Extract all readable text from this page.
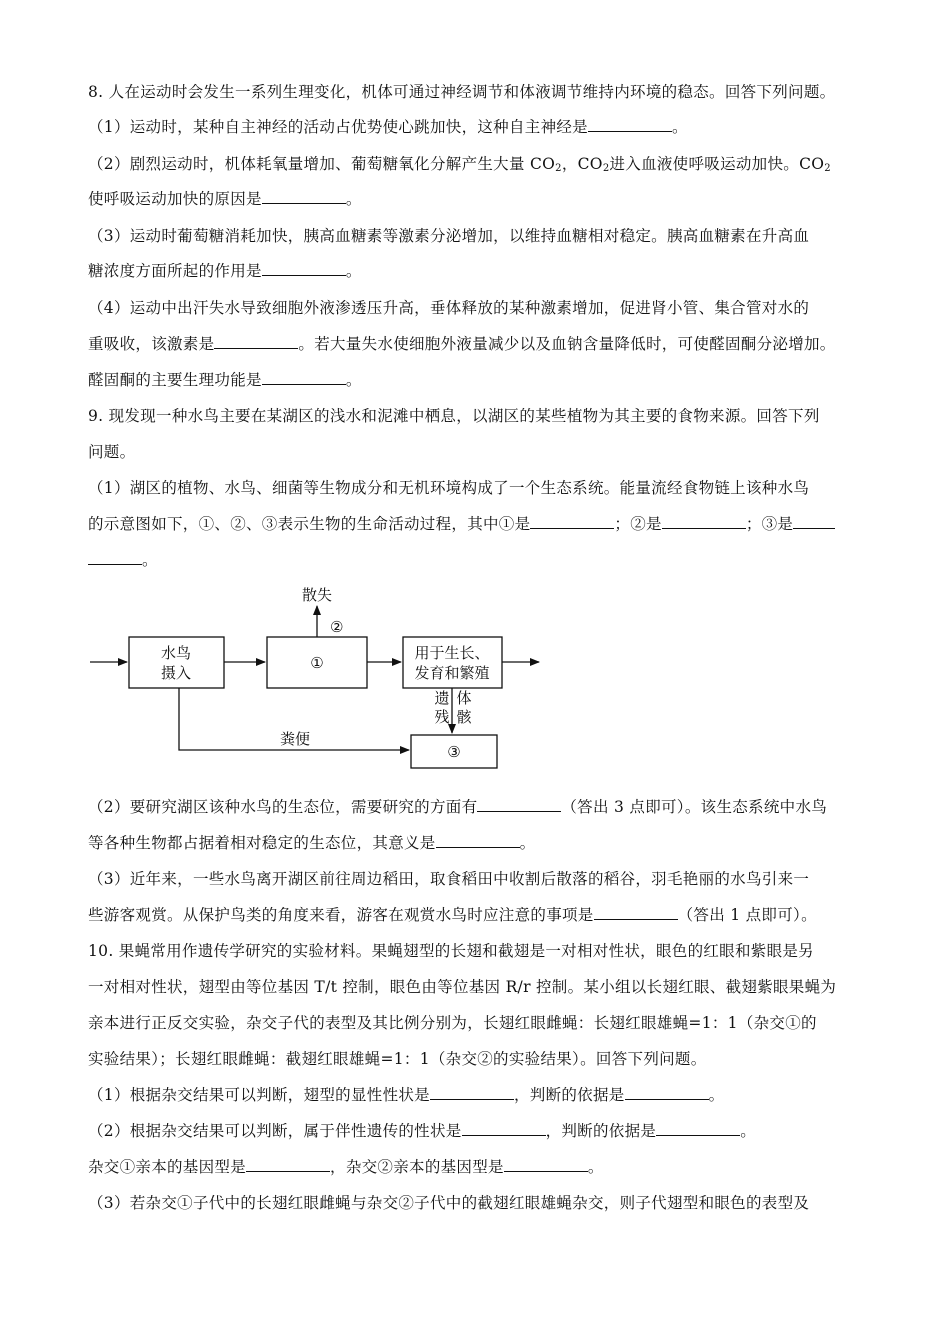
8. 人在运动时会发生一系列生理变化，机体可通过神经调节和体液调节维持内环境的稳态。回答下列问题。
（1）运动时，某种自主神经的活动占优势使心跳加快，这种自主神经是	。
（2）剧烈运动时，机体耗氧量增加、葡萄糖氧化分解产生大量 $CO_2$，$CO_2$进入血液使呼吸运动加快。$CO_2$
使呼吸运动加快的原因是	。
（3）运动时葡萄糖消耗加快，胰高血糖素等激素分泌增加，以维持血糖相对稳定。胰高血糖素在升高血
糖浓度方面所起的作用是	。
（4）运动中出汗失水导致细胞外液渗透压升高，垂体释放的某种激素增加，促进肾小管、集合管对水的
重吸收，该激素是	。若大量失水使细胞外液量减少以及血钠含量降低时，可使醛固酮分泌增加。
醛固酮的主要生理功能是	。
9. 现发现一种水鸟主要在某湖区的浅水和泥滩中栖息，以湖区的某些植物为其主要的食物来源。回答下列
问题。
（1）湖区的植物、水鸟、细菌等生物成分和无机环境构成了一个生态系统。能量流经食物链上该种水鸟
的示意图如下，①、②、③表示生物的生命活动过程，其中①是	；②是	；③是
。
水鸟
摄入
①
散失
②
用于生长、
发育和繁殖
遗
残
体
骸
③
粪便
（2）要研究湖区该种水鸟的生态位，需要研究的方面有	（答出 3 点即可）。该生态系统中水鸟
等各种生物都占据着相对稳定的生态位，其意义是	。
（3）近年来，一些水鸟离开湖区前往周边稻田，取食稻田中收割后散落的稻谷，羽毛艳丽的水鸟引来一
些游客观赏。从保护鸟类的角度来看，游客在观赏水鸟时应注意的事项是	（答出 1 点即可）。
10. 果蝇常用作遗传学研究的实验材料。果蝇翅型的长翅和截翅是一对相对性状，眼色的红眼和紫眼是另
一对相对性状，翅型由等位基因 T/t 控制，眼色由等位基因 R/r 控制。某小组以长翅红眼、截翅紫眼果蝇为
亲本进行正反交实验，杂交子代的表型及其比例分别为，长翅红眼雌蝇：长翅红眼雄蝇=1：1（杂交①的
实验结果）；长翅红眼雌蝇：截翅红眼雄蝇=1：1（杂交②的实验结果）。回答下列问题。
（1）根据杂交结果可以判断，翅型的显性性状是	，判断的依据是	。
（2）根据杂交结果可以判断，属于伴性遗传的性状是	，判断的依据是	。
杂交①亲本的基因型是	，杂交②亲本的基因型是	。
（3）若杂交①子代中的长翅红眼雌蝇与杂交②子代中的截翅红眼雄蝇杂交，则子代翅型和眼色的表型及
